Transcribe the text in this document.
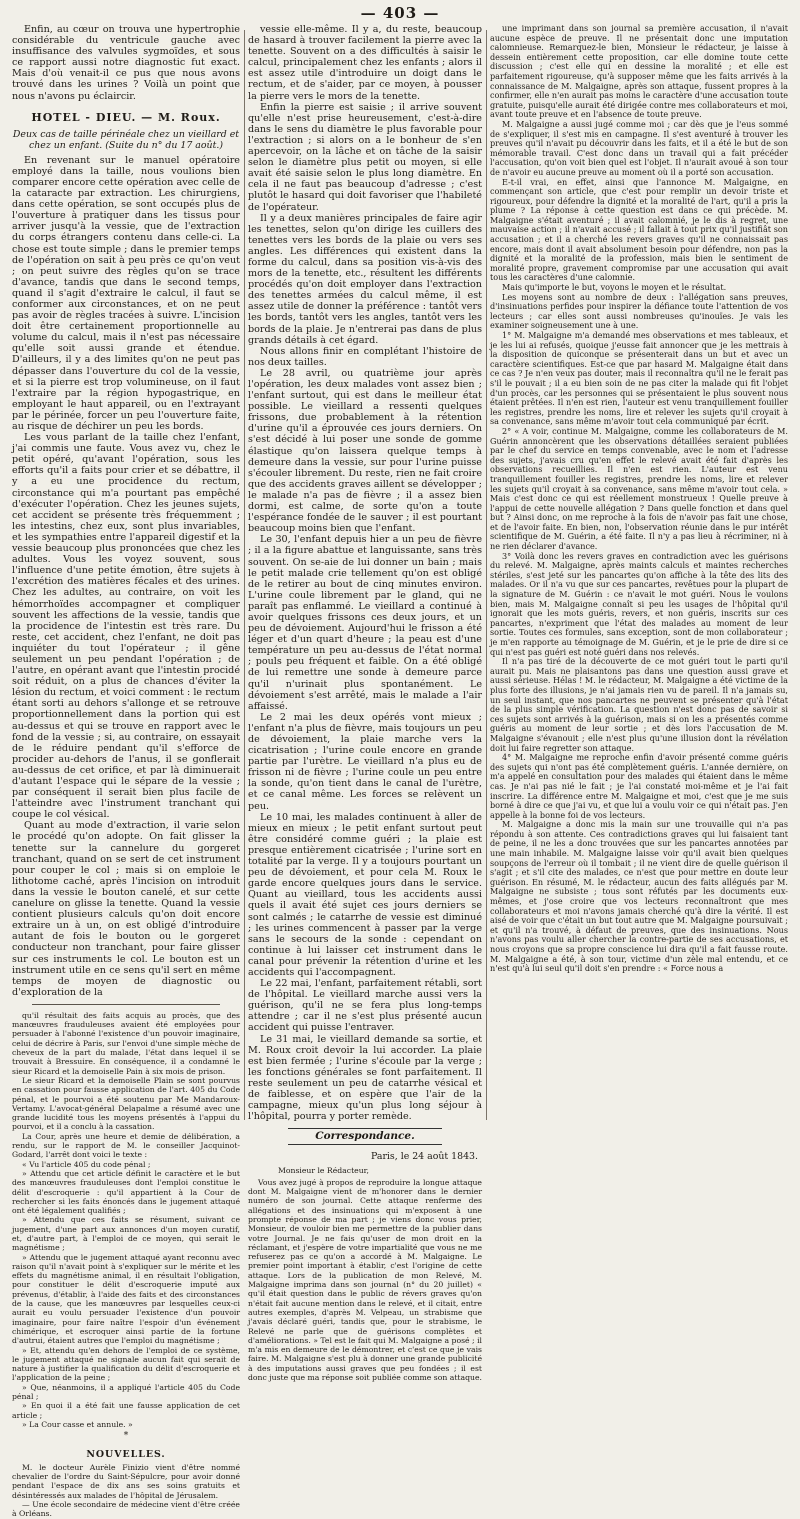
— 403 —

Enfin, au cœur on trouva une hypertrophie considérable du ventricule gauche avec insuffisance des valvules sygmoïdes, et sous ce rapport aussi notre diagnostic fut exact. Mais d'où venait-il ce pus que nous avons trouvé dans les urines ? Voilà un point que nous n'avons pu éclaircir.

HOTEL - DIEU. — M. Roux.
Deux cas de taille périnéale chez un vieillard et chez un enfant. (Suite du n° du 17 août.)

En revenant sur le manuel opératoire employé dans la taille, nous voulions bien comparer encore cette opération avec celle de la cataracte par extraction. Les chirurgiens, dans cette opération, se sont occupés plus de l'ouverture à pratiquer dans les tissus pour arriver jusqu'à la vessie, que de l'extraction du corps étrangers contenu dans celle-ci. La chose est toute simple ; dans le premier temps de l'opération on sait à peu près ce qu'on veut ; on peut suivre des règles qu'on se trace d'avance, tandis que dans le second temps, quand il s'agit d'extraire le calcul, il faut se conformer aux circonstances, et on ne peut pas avoir de règles tracées à suivre. L'incision doit être certainement proportionnelle au volume du calcul, mais il n'est pas nécessaire qu'elle soit aussi grande et étendue. D'ailleurs, il y a des limites qu'on ne peut pas dépasser dans l'ouverture du col de la vessie, et si la pierre est trop volumineuse, on il faut l'extraire par la région hypogastrique, en employant le haut appareil, ou en l'extrayant par le périnée, forcer un peu l'ouverture faite, au risque de déchirer un peu les bords.

Les vous parlant de la taille chez l'enfant, j'ai commis une faute. Vous avez vu, chez le petit opéré, qu'avant l'opération, sous les efforts qu'il a faits pour crier et se débattre, il y a eu une procidence du rectum, circonstance qui m'a pourtant pas empêché d'exécuter l'opération. Chez les jeunes sujets, cet accident se présente très fréquemment ; les intestins, chez eux, sont plus invariables, et les sympathies entre l'appareil digestif et la vessie beaucoup plus prononcées que chez les adultes. Vous les voyez souvent, sous l'influence d'une petite émotion, être sujets à l'excrétion des matières fécales et des urines. Chez les adultes, au contraire, on voit les hémorrhoïdes accompagner et compliquer souvent les affections de la vessie, tandis que la procidence de l'intestin est très rare. Du reste, cet accident, chez l'enfant, ne doit pas inquiéter du tout l'opérateur ; il gêne seulement un peu pendant l'opération ; de l'autre, en opérant avant que l'intestin procidé soit réduit, on a plus de chances d'éviter la lésion du rectum, et voici comment : le rectum étant sorti au dehors s'allonge et se retrouve proportionnellement dans la portion qui est au-dessus et qui se trouve en rapport avec le fond de la vessie ; si, au contraire, on essayait de le réduire pendant qu'il s'efforce de procider au-dehors de l'anus, il se gonflerait au-dessus de cet orifice, et par là diminuerait d'autant l'espace qui le sépare de la vessie ; par conséquent il serait bien plus facile de l'atteindre avec l'instrument tranchant qui coupe le col vésical.

Quant au mode d'extraction, il varie selon le procédé qu'on adopte. On fait glisser la tenette sur la cannelure du gorgeret tranchant, quand on se sert de cet instrument pour couper le col ; mais si on emploie le lithotome caché, après l'incision on introduit dans la vessie le bouton canelé, et sur cette canelure on glisse la tenette. Quand la vessie contient plusieurs calculs qu'on doit encore extraire un à un, on est obligé d'introduire autant de fois le bouton ou le gorgeret conducteur non tranchant, pour faire glisser sur ces instruments le col. Le bouton est un instrument utile en ce sens qu'il sert en même temps de moyen de diagnostic ou d'exploration de la

qu'il résultait des faits acquis au procès, que des manœuvres frauduleuses avaient été employées pour persuader à l'abonné l'existence d'un pouvoir imaginaire, celui de décrire à Paris, sur l'envoi d'une simple mèche de cheveux de la part du malade, l'état dans lequel il se trouvait à Bressuire. En conséquence, il a condamné le sieur Ricard et la demoiselle Pain à six mois de prison.

Le sieur Ricard et la demoiselle Plain se sont pourvus en cassation pour fausse application de l'art. 405 du Code pénal, et le pourvoi a été soutenu par Me Mandaroux-Vertamy. L'avocat-général Delapalme a résumé avec une grande lucidité tous les moyens présentés à l'appui du pourvoi, et il a conclu à la cassation.

La Cour, après une heure et demie de délibération, a rendu, sur le rapport de M. le conseiller Jacquinot-Godard, l'arrêt dont voici le texte :

« Vu l'article 405 du code pénal ;

» Attendu que cet article définit le caractère et le but des manœuvres frauduleuses dont l'emploi constitue le délit d'escroquerie : qu'il appartient à la Cour de rechercher si les faits énoncés dans le jugement attaqué ont été légalement qualifiés ;

» Attendu que ces faits se résument, suivant ce jugement, d'une part aux annonces d'un moyen curatif, et, d'autre part, à l'emploi de ce moyen, qui serait le magnétisme ;

» Attendu que le jugement attaqué ayant reconnu avec raison qu'il n'avait point à s'expliquer sur le mérite et les effets du magnétisme animal, il en résultait l'obligation, pour constituer le délit d'escroquerie imputé aux prévenus, d'établir, à l'aide des faits et des circonstances de la cause, que les manœuvres par lesquelles ceux-ci aurait eu voulu persuader l'existence d'un pouvoir imaginaire, pour faire naître l'espoir d'un événement chimérique, et escroquer ainsi partie de la fortune d'autrui, étaient autres que l'emploi du magnétisme ;

» Et, attendu qu'en dehors de l'emploi de ce système, le jugement attaqué ne signale aucun fait qui serait de nature à justifier la qualification du délit d'escroquerie et l'application de la peine ;

» Que, néanmoins, il a appliqué l'article 405 du Code pénal ;

» En quoi il a été fait une fausse application de cet article ;

» La Cour casse et annule. »

*
NOUVELLES.

M. le docteur Aurèle Finizio vient d'être nommé chevalier de l'ordre du Saint-Sépulcre, pour avoir donné pendant l'espace de dix ans ses soins gratuits et désintéressés aux malades de l'hôpital de Jérusalem.

— Une école secondaire de médecine vient d'être créée à Orléans.

vessie elle-même. Il y a, du reste, beaucoup de hasard à trouver facilement la pierre avec la tenette. Souvent on a des difficultés à saisir le calcul, principalement chez les enfants ; alors il est assez utile d'introduire un doigt dans le rectum, et de s'aider, par ce moyen, à pousser la pierre vers le mors de la tenette.

Enfin la pierre est saisie ; il arrive souvent qu'elle n'est prise heureusement, c'est-à-dire dans le sens du diamètre le plus favorable pour l'extraction ; si alors on a le bonheur de s'en apercevoir, on la lâche et on tâche de la saisir selon le diamètre plus petit ou moyen, si elle avait été saisie selon le plus long diamètre. En cela il ne faut pas beaucoup d'adresse ; c'est plutôt le hasard qui doit favoriser que l'habileté de l'opérateur.

Il y a deux manières principales de faire agir les tenettes, selon qu'on dirige les cuillers des tenettes vers les bords de la plaie ou vers ses angles. Les différences qui existent dans la forme du calcul, dans sa position vis-à-vis des mors de la tenette, etc., résultent les différents procédés qu'on doit employer dans l'extraction des tenettes armées du calcul même, il est assez utile de donner la préférence : tantôt vers les bords, tantôt vers les angles, tantôt vers les bords de la plaie. Je n'entrerai pas dans de plus grands détails à cet égard.

Nous allons finir en complétant l'histoire de nos deux tailles.

Le 28 avril, ou quatrième jour après l'opération, les deux malades vont assez bien ; l'enfant surtout, qui est dans le meilleur état possible. Le vieillard a ressenti quelques frissons, due probablement à la rétention d'urine qu'il a éprouvée ces jours derniers. On s'est décidé à lui poser une sonde de gomme élastique qu'on laissera quelque temps à demeure dans la vessie, sur pour l'urine puisse s'écouler librement. Du reste, rien ne fait croire que des accidents graves aillent se développer ; le malade n'a pas de fièvre ; il a assez bien dormi, est calme, de sorte qu'on a toute l'espérance fondée de le sauver ; il est pourtant beaucoup moins bien que l'enfant.

Le 30, l'enfant depuis hier a un peu de fièvre ; il a la figure abattue et languissante, sans très souvent. On se-aie de lui donner un bain ; mais le petit malade crie tellement qu'on est obligé de le retirer au bout de cinq minutes environ. L'urine coule librement par le gland, qui ne paraît pas enflammé. Le vieillard a continué à avoir quelques frissons ces deux jours, et un peu de dévoiement. Aujourd'hui le frisson a été léger et d'un quart d'heure ; la peau est d'une température un peu au-dessus de l'état normal ; pouls peu fréquent et faible. On a été obligé de lui remettre une sonde à demeure parce qu'il n'urinait plus spontanément. Le dévoiement s'est arrêté, mais le malade a l'air affaissé.

Le 2 mai les deux opérés vont mieux ; l'enfant n'a plus de fièvre, mais toujours un peu de dévoiement, la plaie marche vers la cicatrisation ; l'urine coule encore en grande partie par l'urètre. Le vieillard n'a plus eu de frisson ni de fièvre ; l'urine coule un peu entre la sonde, qu'on tient dans le canal de l'urètre, et ce canal même. Les forces se relèvent un peu.

Le 10 mai, les malades continuent à aller de mieux en mieux ; le petit enfant surtout peut être considéré comme guéri ; la plaie est presque entièrement cicatrisée ; l'urine sort en totalité par la verge. Il y a toujours pourtant un peu de dévoiement, et pour cela M. Roux le garde encore quelques jours dans le service. Quant au vieillard, tous les accidents aussi quels il avait été sujet ces jours derniers se sont calmés ; le catarrhe de vessie est diminué ; les urines commencent à passer par la verge sans le secours de la sonde : cependant on continue à lui laisser cet instrument dans le canal pour prévenir la rétention d'urine et les accidents qui l'accompagnent.

Le 22 mai, l'enfant, parfaitement rétabli, sort de l'hôpital. Le vieillard marche aussi vers la guérison, qu'il ne se fera plus long-temps attendre ; car il ne s'est plus présenté aucun accident qui puisse l'entraver.

Le 31 mai, le vieillard demande sa sortie, et M. Roux croit devoir la lui accorder. La plaie est bien fermée ; l'urine s'écoule par la verge ; les fonctions générales se font parfaitement. Il reste seulement un peu de catarrhe vésical et de faiblesse, et on espère que l'air de la campagne, mieux qu'un plus long séjour à l'hôpital, pourra y porter remède.

Correspondance.
Paris, le 24 août 1843.

Monsieur le Rédacteur,

Vous avez jugé à propos de reproduire la longue attaque dont M. Malgaigne vient de m'honorer dans le dernier numéro de son journal. Cette attaque renferme des allégations et des insinuations qui m'exposent à une prompte réponse de ma part ; je viens donc vous prier, Monsieur, de vouloir bien me permettre de la publier dans votre Journal. Je ne fais qu'user de mon droit en la réclamant, et j'espère de votre impartialité que vous ne me refuserez pas ce qu'on a accordé à M. Malgaigne. Le premier point important à établir, c'est l'origine de cette attaque. Lors de la publication de mon Relevé, M. Malgaigne imprima dans son journal (n° du 20 juillet) « qu'il était question dans le public de révers graves qu'on n'était fait aucune mention dans le relevé, et il citait, entre autres exemples, d'après M. Velpeau, un strabisme que j'avais déclaré guéri, tandis que, pour le strabisme, le Relevé ne parle que de guérisons complètes et d'améliorations. » Tel est le fait qui M. Malgaigne a posé ; il m'a mis en demeure de le démontrer, et c'est ce que je vais faire. M. Malgaigne s'est plu à donner une grande publicité à des imputations aussi graves que peu fondées ; il est donc juste que ma réponse soit publiée comme son attaque.

une imprimant dans son journal sa première accusation, il n'avait aucune espèce de preuve. Il ne présentait donc une imputation calomnieuse. Remarquez-le bien, Monsieur le rédacteur, je laisse à dessein entièrement cette proposition, car elle domine toute cette discussion ; c'est elle qui en dessine la moralité ; et elle est parfaitement rigoureuse, qu'à supposer même que les faits arrivés à la connaissance de M. Malgaigne, après son attaque, fussent propres à la confirmer, elle n'en aurait pas moins le caractère d'une accusation toute gratuite, puisqu'elle aurait été dirigée contre mes collaborateurs et moi, avant toute preuve et en l'absence de toute preuve.

M. Malgaigne a aussi jugé comme moi ; car dès que je l'eus sommé de s'expliquer, il s'est mis en campagne. Il s'est aventuré à trouver les preuves qu'il n'avait pu découvrir dans les faits, et il a été le but de son mémorable travail. C'est donc dans un travail qui a fait précéder l'accusation, qu'on voit bien quel est l'objet. Il n'aurait avoué à son tour de n'avoir eu aucune preuve au moment où il a porté son accusation.

E-t-il vrai, en effet, ainsi que l'annonce M. Malgaigne, en commençant son article, que c'est pour remplir un devoir triste et rigoureux, pour défendre la dignité et la moralité de l'art, qu'il a pris la plume ? La réponse à cette question est dans ce qui précède. M. Malgaigne s'était aventuré ; il avait calomnié, je le dis à regret, une mauvaise action ; il n'avait accusé ; il fallait à tout prix qu'il justifiât son accusation ; et il a cherché les revers graves qu'il ne connaissait pas encore, mais dont il avait absolument besoin pour défendre, non pas la dignité et la moralité de la profession, mais bien le sentiment de moralité propre, gravement compromise par une accusation qui avait tous les caractères d'une calomnie.

Mais qu'importe le but, voyons le moyen et le résultat.

Les moyens sont au nombre de deux : l'allégation sans preuves, d'insinuations perfides pour inspirer la défiance toute l'attention de vos lecteurs ; car elles sont aussi nombreuses qu'inouïes. Je vais les examiner soigneusement une à une.

1° M. Malgaigne m'a demandé mes observations et mes tableaux, et je les lui ai refusés, quoique j'eusse fait annoncer que je les mettrais à la disposition de quiconque se présenterait dans un but et avec un caractère scientifiques. Est-ce que par hasard M. Malgaigne était dans ce cas ? Je n'en veux pas douter, mais il reconnaîtra qu'il ne le ferait pas s'il le pouvait ; il a eu bien soin de ne pas citer la malade qui fit l'objet d'un procès, car les personnes qui se présentaient le plus souvent nous étaient prêtées. Il n'en est rien, l'auteur est venu tranquillement fouiller les registres, prendre les noms, lire et relever les sujets qu'il croyait à sa convenance, sans même m'avoir tout cela communiqué par écrit.

2° « A voir, continue M. Malgaigne, comme les collaborateurs de M. Guérin annoncèrent que les observations détaillées seraient publiées par le chef du service en temps convenable, avec le nom et l'adresse des sujets, j'avais cru qu'en effet le relevé avait été fait d'après les observations recueillies. Il n'en est rien. L'auteur est venu tranquillement fouiller les registres, prendre les noms, lire et relever les sujets qu'il croyait à sa convenance, sans même m'avoir tout cela. » Mais c'est donc ce qui est réellement monstrueux ! Quelle preuve à l'appui de cette nouvelle allégation ? Dans quelle fonction et dans quel but ? Ainsi donc, on me reproche à la fois de n'avoir pas fait une chose, et de l'avoir faite. En bien, non, l'observation réunie dans le pur intérêt scientifique de M. Guérin, a été faite. Il n'y a pas lieu à récriminer, ni à ne rien déclarer d'avance.

3° Voilà donc les revers graves en contradiction avec les guérisons du relevé. M. Malgaigne, après maints calculs et maintes recherches stériles, s'est jeté sur les pancartes qu'on affiche à la tête des lits des malades. Or il n'a vu que sur ces pancartes, revêtues pour la plupart de la signature de M. Guérin : ce n'avait le mot guéri. Nous le voulons bien, mais M. Malgaigne connaît si peu les usages de l'hôpital qu'il ignorait que les mots guéris, revers, et non guéris, inscrits sur ces pancartes, n'expriment que l'état des malades au moment de leur sortie. Toutes ces formules, sans exception, sont de mon collaborateur ; je m'en rapporte au témoignage de M. Guérin, et je le prie de dire si ce qui n'est pas guéri est noté guéri dans nos relevés.

Il n'a pas tiré de la découverte de ce mot guéri tout le parti qu'il aurait pu. Mais ne plaisantons pas dans une question aussi grave et aussi sérieuse. Hélas ! M. le rédacteur, M. Malgaigne a été victime de la plus forte des illusions, je n'ai jamais rien vu de pareil. Il n'a jamais su, un seul instant, que nos pancartes ne peuvent se présenter qu'à l'état de la plus simple vérification. La question n'est donc pas de savoir si ces sujets sont arrivés à la guérison, mais si on les a présentés comme guéris au moment de leur sortie ; et dès lors l'accusation de M. Malgaigne s'évanouit ; elle n'est plus qu'une illusion dont la révélation doit lui faire regretter son attaque.

4° M. Malgaigne me reproche enfin d'avoir présenté comme guéris des sujets qui n'ont pas été complètement guéris. L'année dernière, on m'a appelé en consultation pour des malades qui étaient dans le même cas. Je n'ai pas nié le fait ; je l'ai constaté moi-même et je l'ai fait inscrire. La différence entre M. Malgaigne et moi, c'est que je me suis borné à dire ce que j'ai vu, et que lui a voulu voir ce qui n'était pas. J'en appelle à la bonne foi de vos lecteurs.

M. Malgaigne a donc mis la main sur une trouvaille qui n'a pas répondu à son attente. Ces contradictions graves qui lui faisaient tant de peine, il ne les a donc trouvées que sur les pancartes annotées par une main inhabile. M. Malgaigne laisse voir qu'il avait bien quelques soupçons de l'erreur où il tombait ; il ne vient dire de quelle guérison il s'agit ; et s'il cite des malades, ce n'est que pour mettre en doute leur guérison. En résumé, M. le rédacteur, aucun des faits allégués par M. Malgaigne ne subsiste ; tous sont réfutés par les documents eux-mêmes, et j'ose croire que vos lecteurs reconnaîtront que mes collaborateurs et moi n'avons jamais cherché qu'à dire la vérité. Il est aisé de voir que c'était un but tout autre que M. Malgaigne poursuivait ; et qu'il n'a trouvé, à défaut de preuves, que des insinuations. Nous n'avons pas voulu aller chercher la contre-partie de ses accusations, et nous croyons que sa propre conscience lui dira qu'il a fait fausse route. M. Malgaigne a été, à son tour, victime d'un zèle mal entendu, et ce n'est qu'à lui seul qu'il doit s'en prendre : « Force nous a
